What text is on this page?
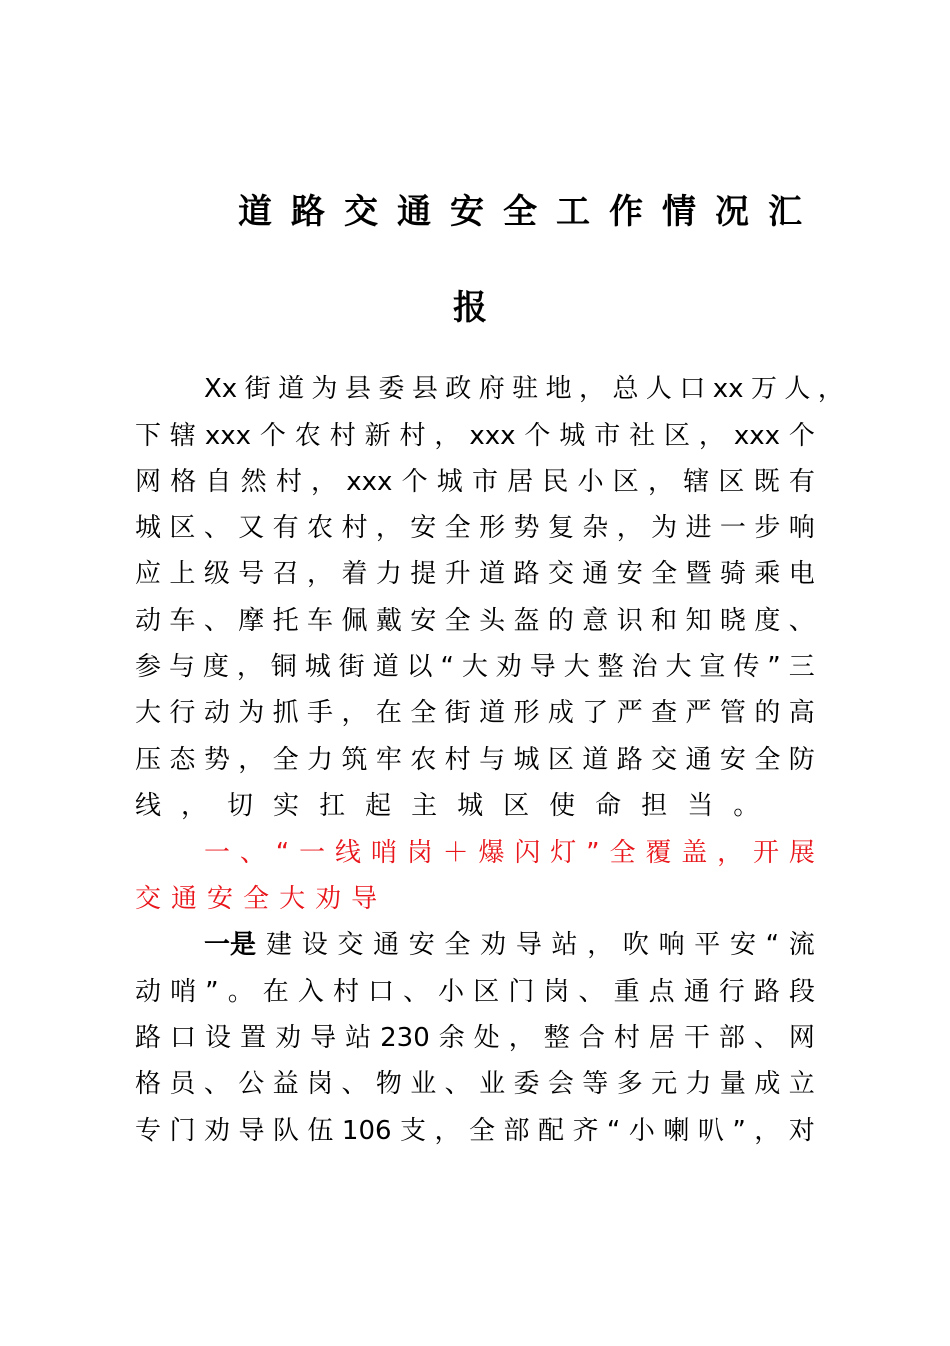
道路交通安全工作情况汇
报
Xx 街 道 为 县 委 县 政 府 驻 地 ， 总 人 口 xx 万 人 ，
下 辖 xxx 个 农 村 新 村 ， xxx 个 城 市 社 区 ， xxx 个
网 格 自 然 村 ， xxx 个 城 市 居 民 小 区 ， 辖 区 既 有
城 区 、 又 有 农 村 ， 安 全 形 势 复 杂 ， 为 进 一 步 响
应 上 级 号 召 ， 着 力 提 升 道 路 交 通 安 全 暨 骑 乘 电
动 车 、 摩 托 车 佩 戴 安 全 头 盔 的 意 识 和 知 晓 度 、
参 与 度 ， 铜 城 街 道 以 “ 大 劝 导 大 整 治 大 宣 传 ” 三
大 行 动 为 抓 手 ， 在 全 街 道 形 成 了 严 查 严 管 的 高
压 态 势 ， 全 力 筑 牢 农 村 与 城 区 道 路 交 通 安 全 防
线 ， 切 实 扛 起 主 城 区 使 命 担 当 。
一 、 “ 一 线 哨 岗 ＋ 爆 闪 灯 ” 全 覆 盖 ， 开 展
交 通 安 全 大 劝 导
一是 建 设 交 通 安 全 劝 导 站 ， 吹 响 平 安 “ 流
动 哨 ” 。 在 入 村 口 、 小 区 门 岗 、 重 点 通 行 路 段
路 口 设 置 劝 导 站 230 余 处 ， 整 合 村 居 干 部 、 网
格 员 、 公 益 岗 、 物 业 、 业 委 会 等 多 元 力 量 成 立
专 门 劝 导 队 伍 106 支 ， 全 部 配 齐 “ 小 喇 叭 ” ， 对
